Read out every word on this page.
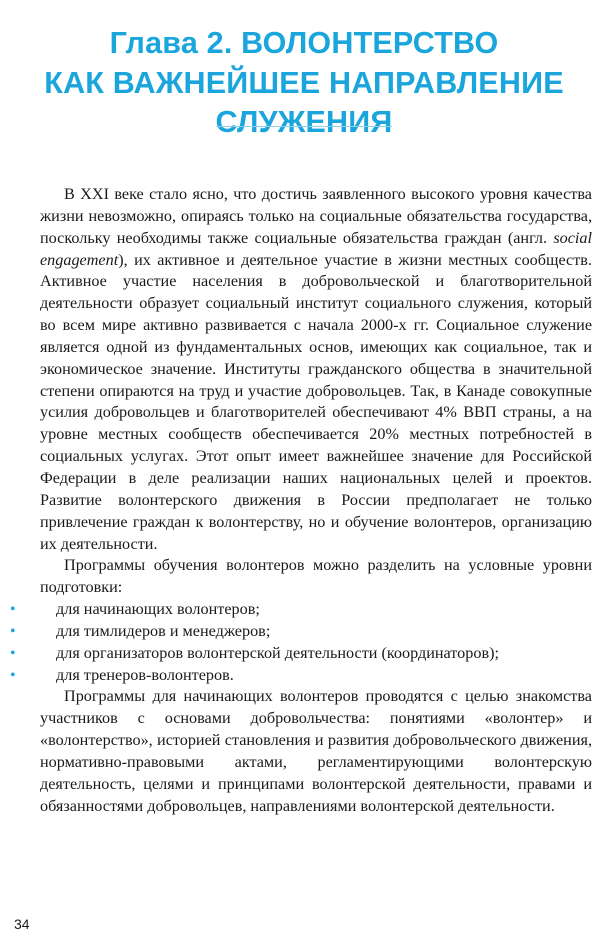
Глава 2. ВОЛОНТЕРСТВО
КАК ВАЖНЕЙШЕЕ НАПРАВЛЕНИЕ
СЛУЖЕНИЯ

В XXI веке стало ясно, что достичь заявленного высокого уровня качества жизни невозможно, опираясь только на социальные обязательства государства, поскольку необходимы также социальные обязательства граждан (англ. social engagement), их активное и деятельное участие в жизни местных сообществ. Активное участие населения в добровольческой и благотворительной деятельности образует социальный институт социального служения, который во всем мире активно развивается с начала 2000-х гг. Социальное служение является одной из фундаментальных основ, имеющих как социальное, так и экономическое значение. Институты гражданского общества в значительной степени опираются на труд и участие добровольцев. Так, в Канаде совокупные усилия добровольцев и благотворителей обеспечивают 4% ВВП страны, а на уровне местных сообществ обеспечивается 20% местных потребностей в социальных услугах. Этот опыт имеет важнейшее значение для Российской Федерации в деле реализации наших национальных целей и проектов. Развитие волонтерского движения в России предполагает не только привлечение граждан к волонтерству, но и обучение волонтеров, организацию их деятельности.

Программы обучения волонтеров можно разделить на условные уровни подготовки:

• для начинающих волонтеров;
• для тимлидеров и менеджеров;
• для организаторов волонтерской деятельности (координаторов);
• для тренеров-волонтеров.

Программы для начинающих волонтеров проводятся с целью знакомства участников с основами добровольчества: понятиями «волонтер» и «волонтерство», историей становления и развития добровольческого движения, нормативно-правовыми актами, регламентирующими волонтерскую деятельность, целями и принципами волонтерской деятельности, правами и обязанностями добровольцев, направлениями волонтерской деятельности.

34
